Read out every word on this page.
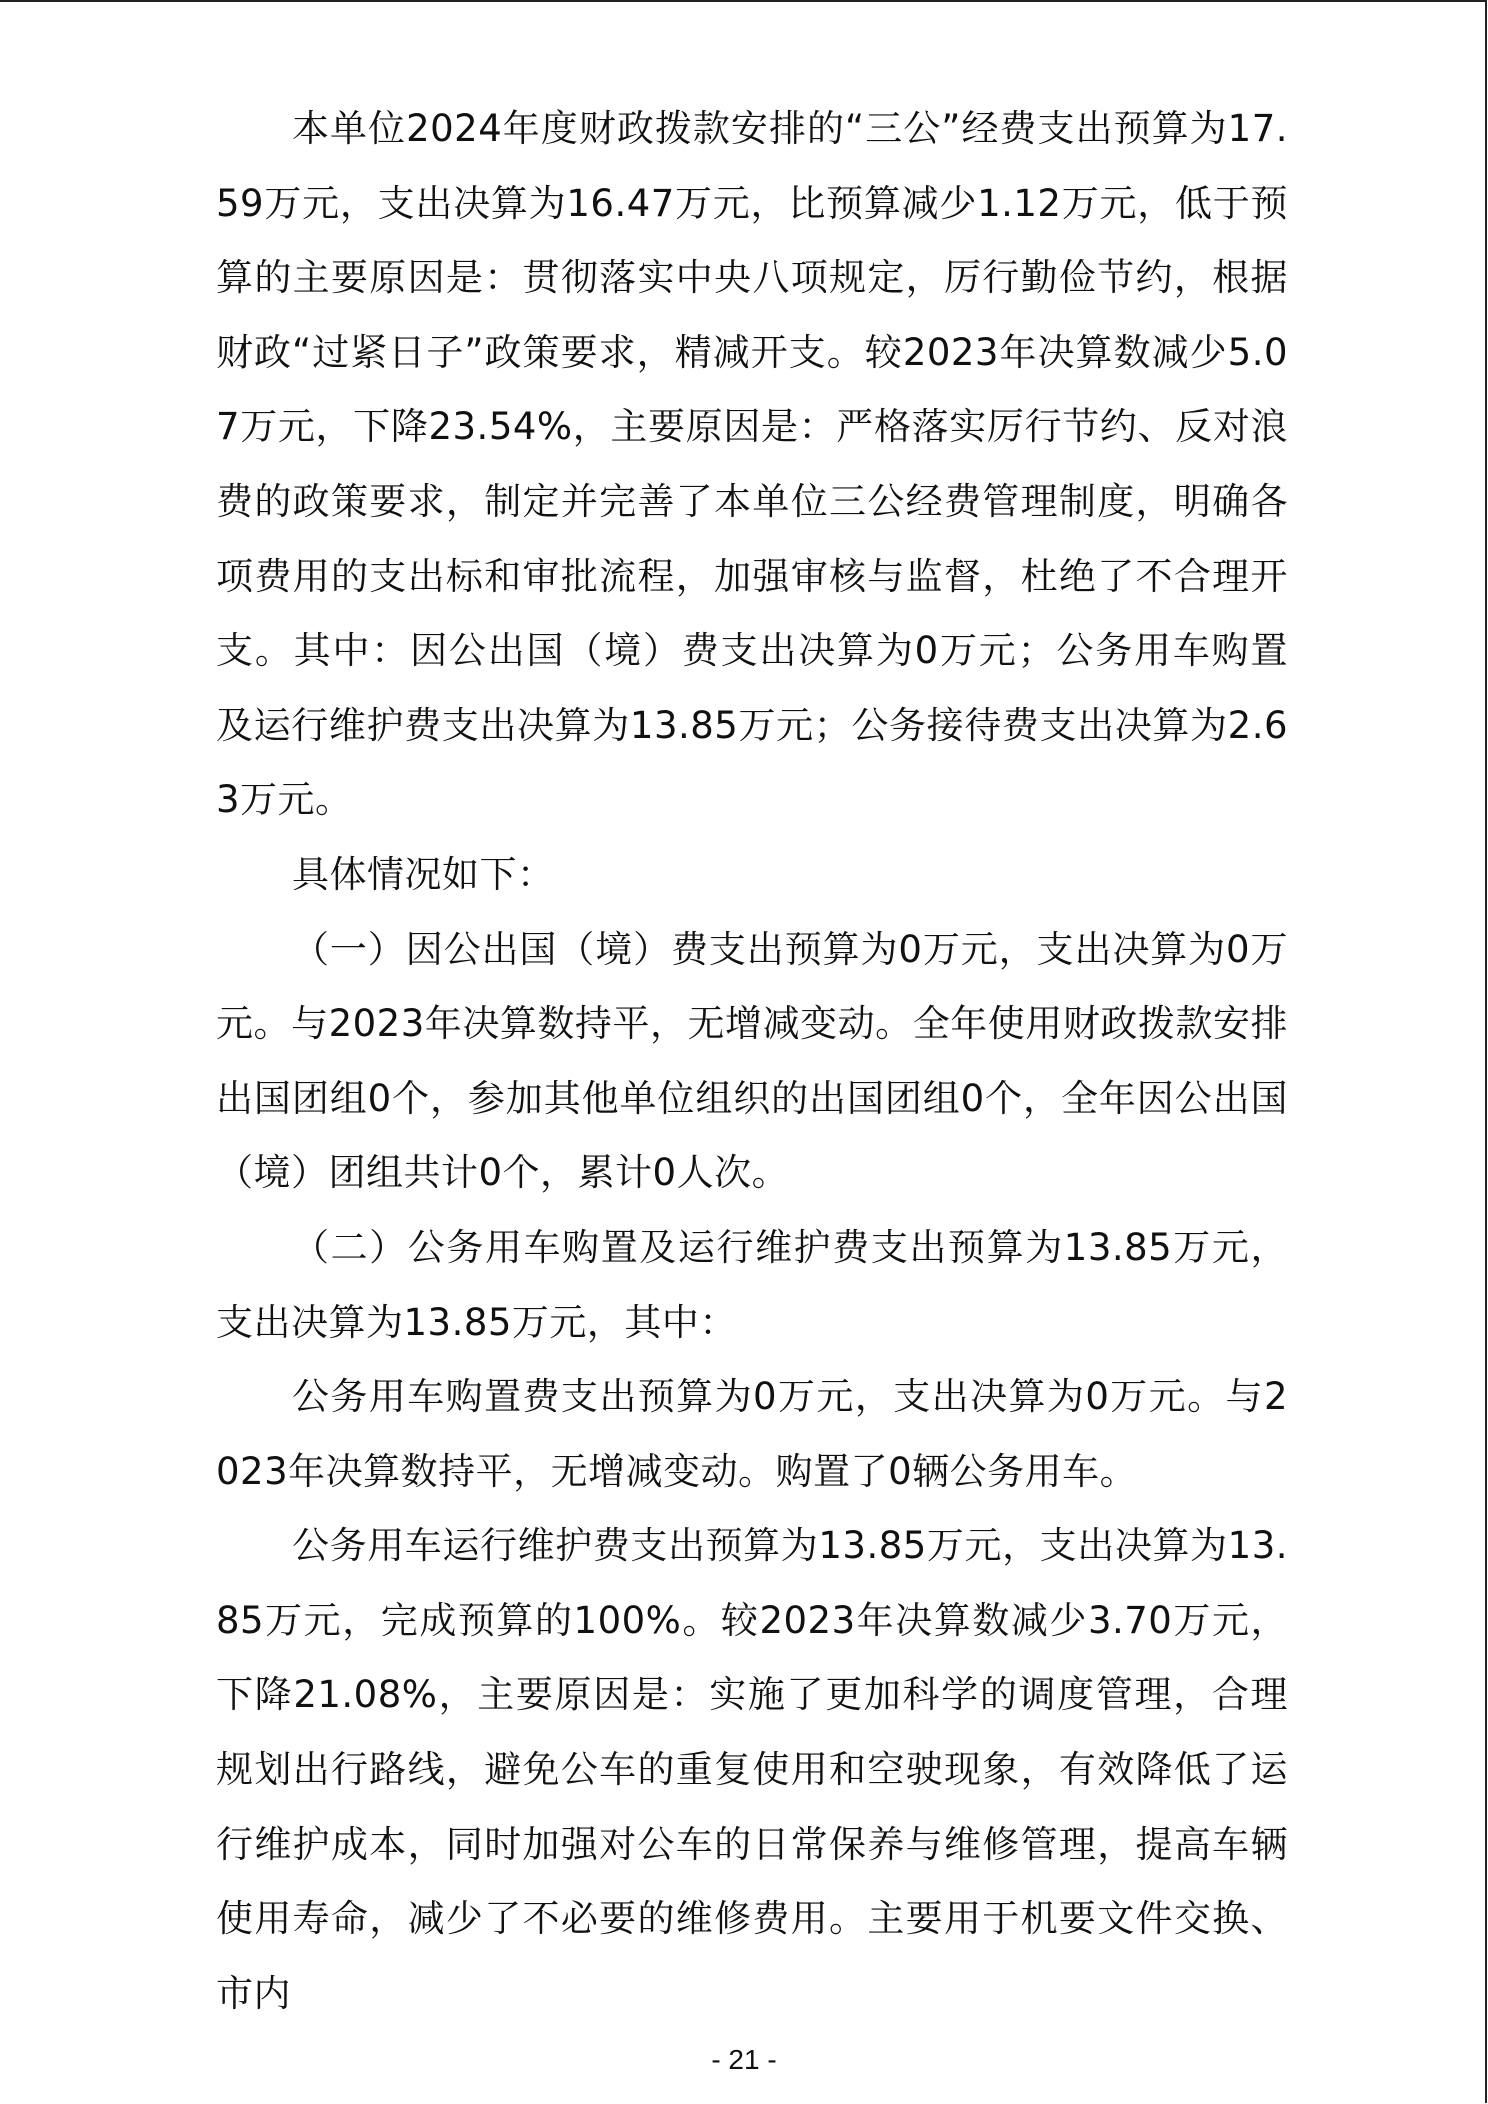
本单位2024年度财政拨款安排的“三公”经费支出预算为17.59万元，支出决算为16.47万元，比预算减少1.12万元，低于预算的主要原因是：贯彻落实中央八项规定，厉行勤俭节约，根据财政“过紧日子”政策要求，精减开支。较2023年决算数减少5.07万元，下降23.54%，主要原因是：严格落实厉行节约、反对浪费的政策要求，制定并完善了本单位三公经费管理制度，明确各项费用的支出标和审批流程，加强审核与监督，杜绝了不合理开支。其中：因公出国（境）费支出决算为0万元；公务用车购置及运行维护费支出决算为13.85万元；公务接待费支出决算为2.63万元。

具体情况如下：

（一）因公出国（境）费支出预算为0万元，支出决算为0万元。与2023年决算数持平，无增减变动。全年使用财政拨款安排出国团组0个，参加其他单位组织的出国团组0个，全年因公出国（境）团组共计0个，累计0人次。

（二）公务用车购置及运行维护费支出预算为13.85万元，支出决算为13.85万元，其中：

公务用车购置费支出预算为0万元，支出决算为0万元。与2023年决算数持平，无增减变动。购置了0辆公务用车。

公务用车运行维护费支出预算为13.85万元，支出决算为13.85万元，完成预算的100%。较2023年决算数减少3.70万元，下降21.08%，主要原因是：实施了更加科学的调度管理，合理规划出行路线，避免公车的重复使用和空驶现象，有效降低了运行维护成本，同时加强对公车的日常保养与维修管理，提高车辆使用寿命，减少了不必要的维修费用。主要用于机要文件交换、市内

- 21 -
